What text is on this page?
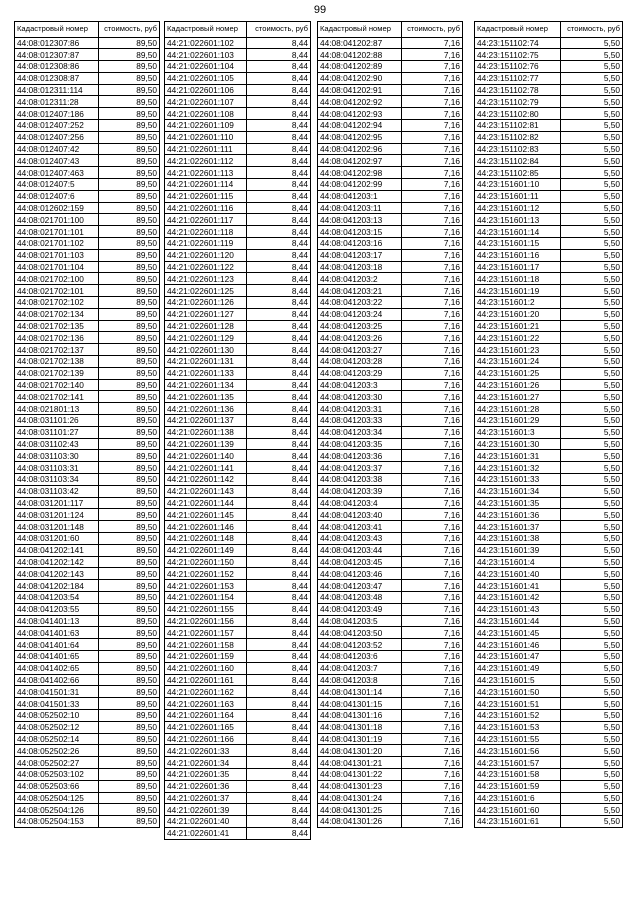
99
Кадастровый номер	стоимость, руб
44:08:012307:86	89,50
44:08:012307:87	89,50
44:08:012308:86	89,50
44:08:012308:87	89,50
44:08:012311:114	89,50
44:08:012311:28	89,50
44:08:012407:186	89,50
44:08:012407:252	89,50
44:08:012407:256	89,50
44:08:012407:42	89,50
44:08:012407:43	89,50
44:08:012407:463	89,50
44:08:012407:5	89,50
44:08:012407:6	89,50
44:08:012602:159	89,50
44:08:021701:100	89,50
44:08:021701:101	89,50
44:08:021701:102	89,50
44:08:021701:103	89,50
44:08:021701:104	89,50
44:08:021702:100	89,50
44:08:021702:101	89,50
44:08:021702:102	89,50
44:08:021702:134	89,50
44:08:021702:135	89,50
44:08:021702:136	89,50
44:08:021702:137	89,50
44:08:021702:138	89,50
44:08:021702:139	89,50
44:08:021702:140	89,50
44:08:021702:141	89,50
44:08:021801:13	89,50
44:08:031101:26	89,50
44:08:031101:27	89,50
44:08:031102:43	89,50
44:08:031103:30	89,50
44:08:031103:31	89,50
44:08:031103:34	89,50
44:08:031103:42	89,50
44:08:031201:117	89,50
44:08:031201:124	89,50
44:08:031201:148	89,50
44:08:031201:60	89,50
44:08:041202:141	89,50
44:08:041202:142	89,50
44:08:041202:143	89,50
44:08:041202:184	89,50
44:08:041203:54	89,50
44:08:041203:55	89,50
44:08:041401:13	89,50
44:08:041401:63	89,50
44:08:041401:64	89,50
44:08:041401:65	89,50
44:08:041402:65	89,50
44:08:041402:66	89,50
44:08:041501:31	89,50
44:08:041501:33	89,50
44:08:052502:10	89,50
44:08:052502:12	89,50
44:08:052502:14	89,50
44:08:052502:26	89,50
44:08:052502:27	89,50
44:08:052503:102	89,50
44:08:052503:66	89,50
44:08:052504:125	89,50
44:08:052504:126	89,50
44:08:052504:153	89,50
Кадастровый номер	стоимость, руб
44:21:022601:102	8,44
44:21:022601:103	8,44
44:21:022601:104	8,44
44:21:022601:105	8,44
44:21:022601:106	8,44
44:21:022601:107	8,44
44:21:022601:108	8,44
44:21:022601:109	8,44
44:21:022601:110	8,44
44:21:022601:111	8,44
44:21:022601:112	8,44
44:21:022601:113	8,44
44:21:022601:114	8,44
44:21:022601:115	8,44
44:21:022601:116	8,44
44:21:022601:117	8,44
44:21:022601:118	8,44
44:21:022601:119	8,44
44:21:022601:120	8,44
44:21:022601:122	8,44
44:21:022601:123	8,44
44:21:022601:125	8,44
44:21:022601:126	8,44
44:21:022601:127	8,44
44:21:022601:128	8,44
44:21:022601:129	8,44
44:21:022601:130	8,44
44:21:022601:131	8,44
44:21:022601:133	8,44
44:21:022601:134	8,44
44:21:022601:135	8,44
44:21:022601:136	8,44
44:21:022601:137	8,44
44:21:022601:138	8,44
44:21:022601:139	8,44
44:21:022601:140	8,44
44:21:022601:141	8,44
44:21:022601:142	8,44
44:21:022601:143	8,44
44:21:022601:144	8,44
44:21:022601:145	8,44
44:21:022601:146	8,44
44:21:022601:148	8,44
44:21:022601:149	8,44
44:21:022601:150	8,44
44:21:022601:152	8,44
44:21:022601:153	8,44
44:21:022601:154	8,44
44:21:022601:155	8,44
44:21:022601:156	8,44
44:21:022601:157	8,44
44:21:022601:158	8,44
44:21:022601:159	8,44
44:21:022601:160	8,44
44:21:022601:161	8,44
44:21:022601:162	8,44
44:21:022601:163	8,44
44:21:022601:164	8,44
44:21:022601:165	8,44
44:21:022601:166	8,44
44:21:022601:33	8,44
44:21:022601:34	8,44
44:21:022601:35	8,44
44:21:022601:36	8,44
44:21:022601:37	8,44
44:21:022601:39	8,44
44:21:022601:40	8,44
44:21:022601:41	8,44
Кадастровый номер	стоимость, руб
44:08:041202:87	7,16
44:08:041202:88	7,16
44:08:041202:89	7,16
44:08:041202:90	7,16
44:08:041202:91	7,16
44:08:041202:92	7,16
44:08:041202:93	7,16
44:08:041202:94	7,16
44:08:041202:95	7,16
44:08:041202:96	7,16
44:08:041202:97	7,16
44:08:041202:98	7,16
44:08:041202:99	7,16
44:08:041203:1	7,16
44:08:041203:11	7,16
44:08:041203:13	7,16
44:08:041203:15	7,16
44:08:041203:16	7,16
44:08:041203:17	7,16
44:08:041203:18	7,16
44:08:041203:2	7,16
44:08:041203:21	7,16
44:08:041203:22	7,16
44:08:041203:24	7,16
44:08:041203:25	7,16
44:08:041203:26	7,16
44:08:041203:27	7,16
44:08:041203:28	7,16
44:08:041203:29	7,16
44:08:041203:3	7,16
44:08:041203:30	7,16
44:08:041203:31	7,16
44:08:041203:33	7,16
44:08:041203:34	7,16
44:08:041203:35	7,16
44:08:041203:36	7,16
44:08:041203:37	7,16
44:08:041203:38	7,16
44:08:041203:39	7,16
44:08:041203:4	7,16
44:08:041203:40	7,16
44:08:041203:41	7,16
44:08:041203:43	7,16
44:08:041203:44	7,16
44:08:041203:45	7,16
44:08:041203:46	7,16
44:08:041203:47	7,16
44:08:041203:48	7,16
44:08:041203:49	7,16
44:08:041203:5	7,16
44:08:041203:50	7,16
44:08:041203:52	7,16
44:08:041203:6	7,16
44:08:041203:7	7,16
44:08:041203:8	7,16
44:08:041301:14	7,16
44:08:041301:15	7,16
44:08:041301:16	7,16
44:08:041301:18	7,16
44:08:041301:19	7,16
44:08:041301:20	7,16
44:08:041301:21	7,16
44:08:041301:22	7,16
44:08:041301:23	7,16
44:08:041301:24	7,16
44:08:041301:25	7,16
44:08:041301:26	7,16
Кадастровый номер	стоимость, руб
44:23:151102:74	5,50
44:23:151102:75	5,50
44:23:151102:76	5,50
44:23:151102:77	5,50
44:23:151102:78	5,50
44:23:151102:79	5,50
44:23:151102:80	5,50
44:23:151102:81	5,50
44:23:151102:82	5,50
44:23:151102:83	5,50
44:23:151102:84	5,50
44:23:151102:85	5,50
44:23:151601:10	5,50
44:23:151601:11	5,50
44:23:151601:12	5,50
44:23:151601:13	5,50
44:23:151601:14	5,50
44:23:151601:15	5,50
44:23:151601:16	5,50
44:23:151601:17	5,50
44:23:151601:18	5,50
44:23:151601:19	5,50
44:23:151601:2	5,50
44:23:151601:20	5,50
44:23:151601:21	5,50
44:23:151601:22	5,50
44:23:151601:23	5,50
44:23:151601:24	5,50
44:23:151601:25	5,50
44:23:151601:26	5,50
44:23:151601:27	5,50
44:23:151601:28	5,50
44:23:151601:29	5,50
44:23:151601:3	5,50
44:23:151601:30	5,50
44:23:151601:31	5,50
44:23:151601:32	5,50
44:23:151601:33	5,50
44:23:151601:34	5,50
44:23:151601:35	5,50
44:23:151601:36	5,50
44:23:151601:37	5,50
44:23:151601:38	5,50
44:23:151601:39	5,50
44:23:151601:4	5,50
44:23:151601:40	5,50
44:23:151601:41	5,50
44:23:151601:42	5,50
44:23:151601:43	5,50
44:23:151601:44	5,50
44:23:151601:45	5,50
44:23:151601:46	5,50
44:23:151601:47	5,50
44:23:151601:49	5,50
44:23:151601:5	5,50
44:23:151601:50	5,50
44:23:151601:51	5,50
44:23:151601:52	5,50
44:23:151601:53	5,50
44:23:151601:55	5,50
44:23:151601:56	5,50
44:23:151601:57	5,50
44:23:151601:58	5,50
44:23:151601:59	5,50
44:23:151601:6	5,50
44:23:151601:60	5,50
44:23:151601:61	5,50
